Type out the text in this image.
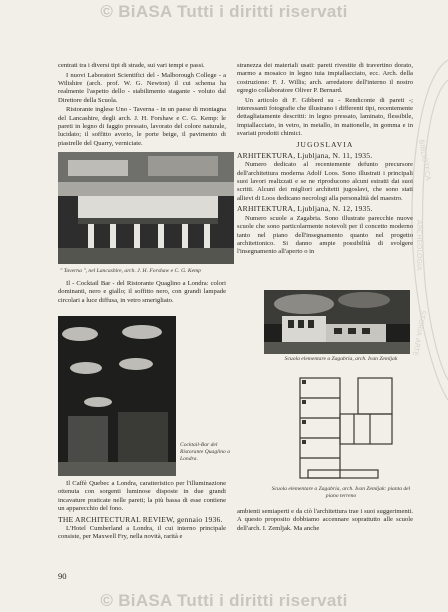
© BiASA Tutti i diritti riservati
BIBLIOTECA
ARCHEOLOGIA
STORIA ARTE

centrati tra i diversi tipi di strade, sui vari tempi e passi.

I nuovi Laboratori Scientifici del - Malborough College - a Wiltshire (arch. prof. W. G. Newton) il cui schema ha realmente l'aspetto dello - stabilimento stagante - voluto dal Direttore della Scuola.

Ristorante inglese Uno - Taverna - in un paese di montagna del Lancashire, degli arch. J. H. Forshaw e C. G. Kemp: le pareti in legno di faggio pressato, lavorato del colore naturale, lucidato; il soffitto avorio, le porte beige, il pavimento di piastrelle del Quarry, verniciate.

" Taverna ", nel Lancashire, arch. J. H. Forshaw e C. G. Kemp

Il - Cocktail Bar - del Ristorante Quaglino a Londra: colori dominanti, nero e giallo; il soffitto nero, con grandi lampade circolari a luce diffusa, in vetro smerigliato.

Cocktail-Bar del Ristorante Quaglino a Londra.

Il Caffè Quebec a Londra, caratteristico per l'illuminazione ottenuta con sorgenti luminose disposte in due grandi incavature praticate nelle pareti; la più bassa di esse contiene un apparecchio del fono.

THE ARCHITECTURAL REVIEW, gennaio 1936.

L'Hotel Cumberland a Londra, il cui interno principale consiste, per Maxwell Fry, nella novità, rarità e

stranezza dei materiali usati: pareti rivestite di travertino dorato, marmo a mosaico in legno tuia impiallacciato, ecc. Arch. della costruzione: F. J. Willis; arch. arredatore dell'interno il nostro egregio collaboratore Oliver P. Bernard.

Un articolo di F. Gibberd su - Rendiconte di pareti -; interessanti fotografie che illustrano i differenti tipi, recentemente dettagliatamente descritti: in legno pressato, laminato, flessibile, impiallacciato, in vetro, in metallo, in mattonelle, in gomma e in svariati prodotti chimici.

JUGOSLAVIA

ARHITEKTURA, Ljubljana, N. 11, 1935.

Numero dedicato al recentemente defunto precursore dell'architettura moderna Adolf Loos. Sono illustrati i principali suoi lavori realizzati e se ne riproducono alcuni estratti dai suoi scritti. Alcuni dei migliori architetti jugoslavi, che sono stati allievi di Loos dedicano necrologi alla personalità del maestro.

ARHITEKTURA, Ljubljana, N. 12, 1935.

Numero scuole a Zagabria. Sono illustrate parecchie nuove scuole che sono particolarmente notevoli per il concetto moderno tanto nel piano dell'insegnamento quanto nel progetto architettonico. Si danno ampie possibilità di svolgere l'insegnamento all'aperto o in

Scuola elementare a Zagabria, arch. Ivan Zemljak
Scuola elementare a Zagabria, arch. Ivan Zemljak: pianta del piano terreno

ambienti semiaperti e da ciò l'architettura trae i suoi suggerimenti. A questo proposito dobbiamo accennare soprattutto alle scuole dell'arch. I. Zemljak. Ma anche

90
© BiASA Tutti i diritti riservati
